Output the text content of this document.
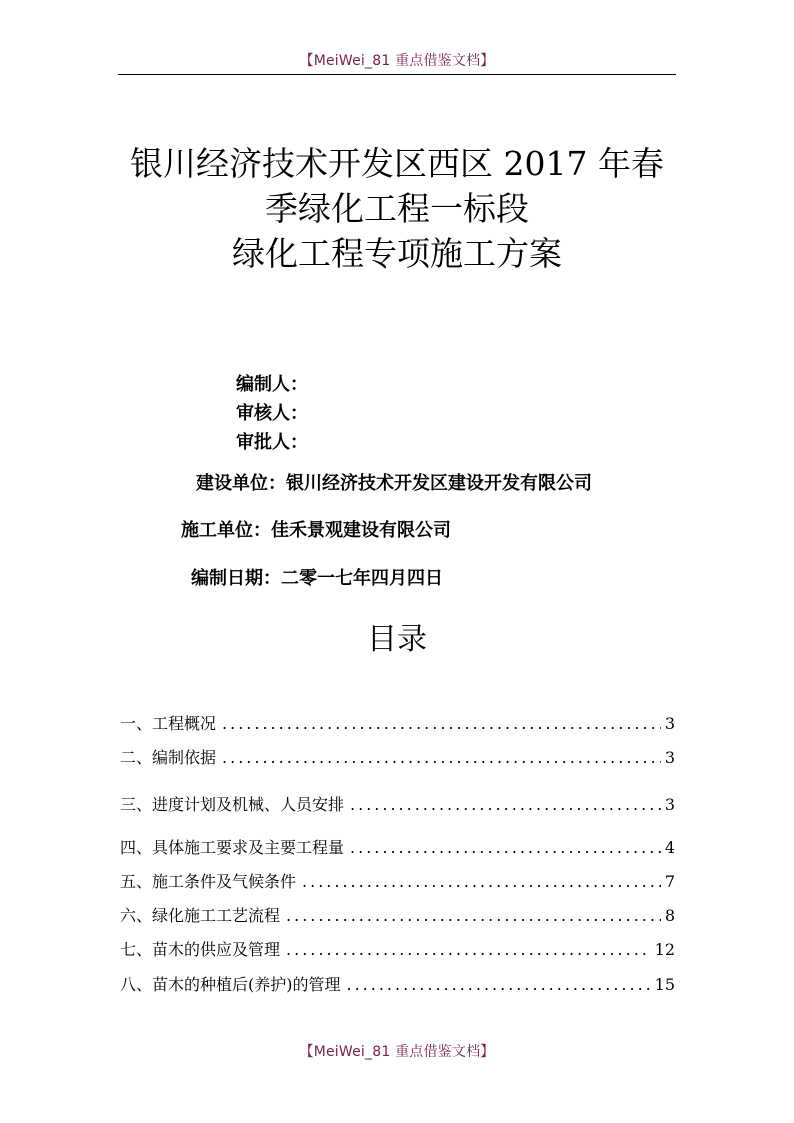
【MeiWei_81 重点借鉴文档】
银川经济技术开发区西区 2017 年春
季绿化工程一标段
绿化工程专项施工方案
编制人：
审核人：
审批人：
建设单位：银川经济技术开发区建设开发有限公司
施工单位：佳禾景观建设有限公司
编制日期：二零一七年四月四日
目录
一、工程概况 .....	3
二、编制依据 .....	3
三、进度计划及机械、人员安排 .....	3
四、具体施工要求及主要工程量 .....	4
五、施工条件及气候条件 .....	7
六、绿化施工工艺流程 .....	8
七、苗木的供应及管理 .....	12
八、苗木的种植后(养护)的管理 .....	15
【MeiWei_81 重点借鉴文档】
